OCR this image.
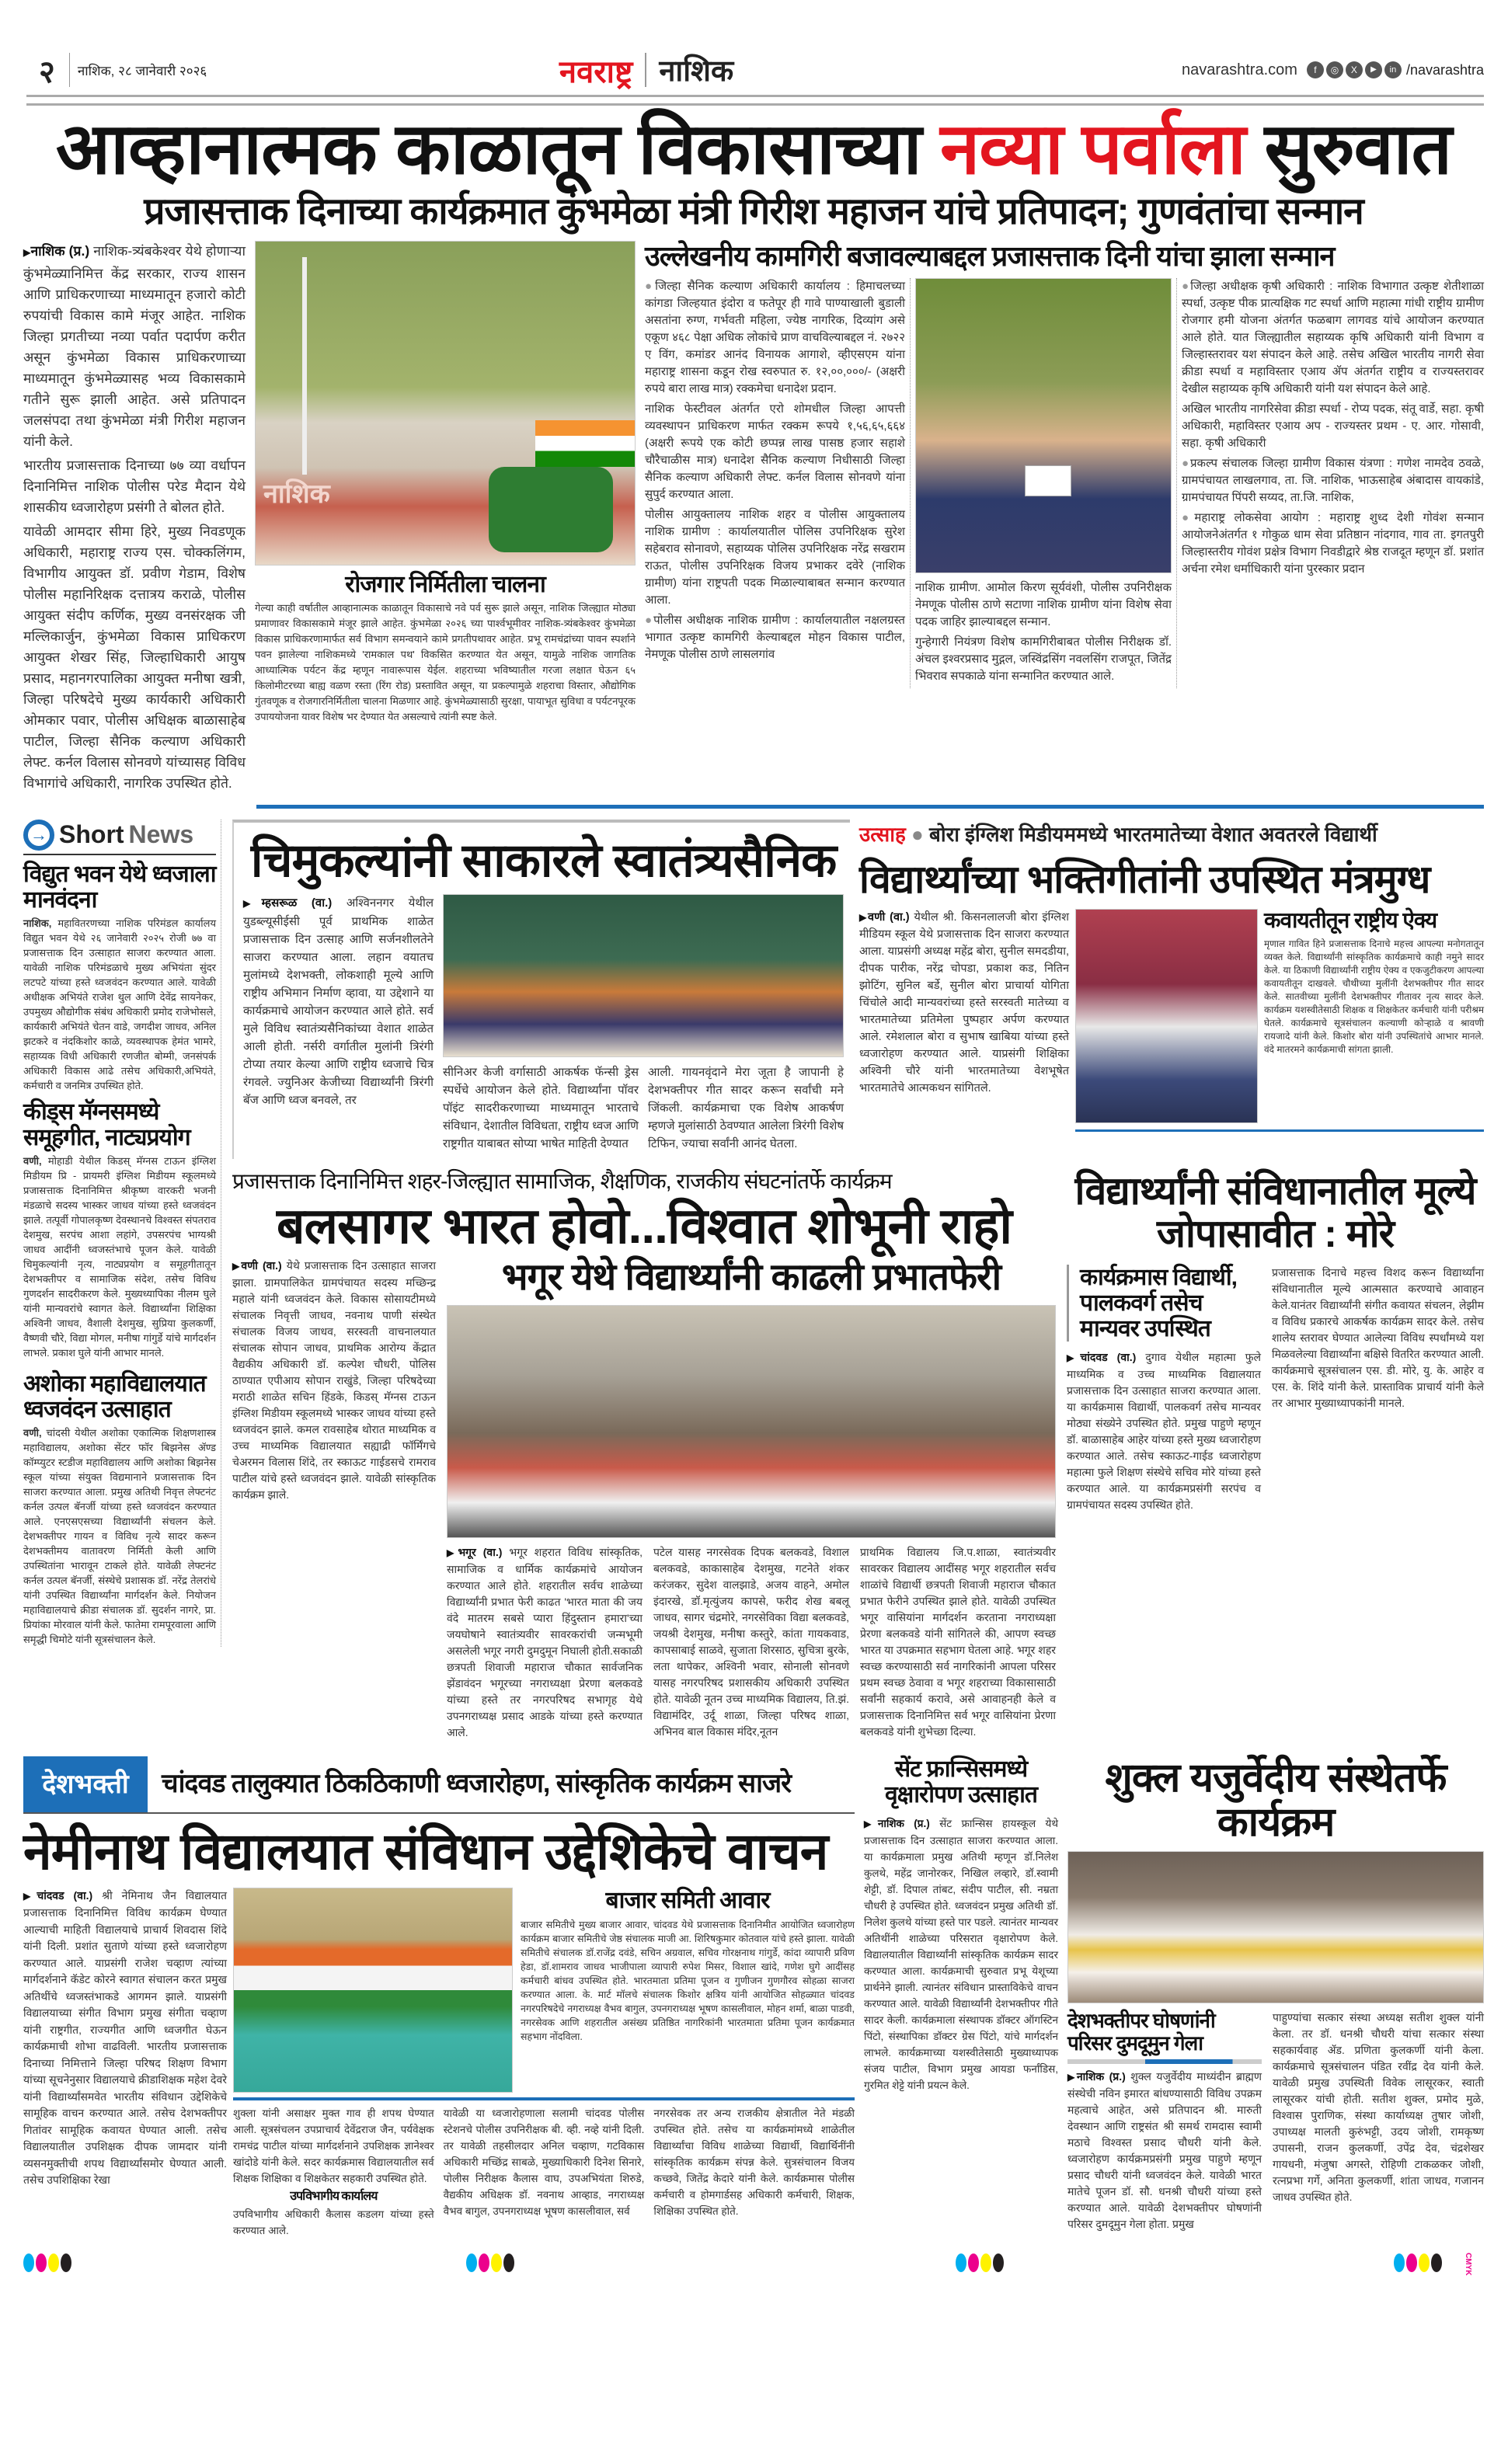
२ नाशिक, २८ जानेवारी २०२६	नवराष्ट्र नाशिक	navarashtra.com	f	◎	X	▶	in /navarashtra
आव्हानात्मक काळातून विकासाच्या नव्या पर्वाला सुरुवात
प्रजासत्ताक दिनाच्या कार्यक्रमात कुंभमेळा मंत्री गिरीश महाजन यांचे प्रतिपादन; गुणवंतांचा सन्मान

▶ नाशिक (प्र.) नाशिक-त्र्यंबकेश्वर येथे होणाऱ्या कुंभमेळ्यानिमित्त केंद्र सरकार, राज्य शासन आणि प्राधिकरणाच्या माध्यमातून हजारो कोटी रुपयांची विकास कामे मंजूर आहेत. नाशिक जिल्हा प्रगतीच्या नव्या पर्वात पदार्पण करीत असून कुंभमेळा विकास प्राधिकरणाच्या माध्यमातून कुंभमेळ्यासह भव्य विकासकामे गतीने सुरू झाली आहेत. असे प्रतिपादन जलसंपदा तथा कुंभमेळा मंत्री गिरीश महाजन यांनी केले.

भारतीय प्रजासत्ताक दिनाच्या ७७ व्या वर्धापन दिनानिमित्त नाशिक पोलीस परेड मैदान येथे शासकीय ध्वजारोहण प्रसंगी ते बोलत होते.

यावेळी आमदार सीमा हिरे, मुख्य निवडणूक अधिकारी, महाराष्ट्र राज्य एस. चोक्कलिंगम, विभागीय आयुक्त डॉ. प्रवीण गेडाम, विशेष पोलीस महानिरिक्षक दत्तात्रय कराळे, पोलीस आयुक्त संदीप कर्णिक, मुख्य वनसंरक्षक जी मल्लिकार्जुन, कुंभमेळा विकास प्राधिकरण आयुक्त शेखर सिंह, जिल्हाधिकारी आयुष प्रसाद, महानगरपालिका आयुक्त मनीषा खत्री, जिल्हा परिषदेचे मुख्य कार्यकारी अधिकारी ओमकार पवार, पोलीस अधिक्षक बाळासाहेब पाटील, जिल्हा सैनिक कल्याण अधिकारी लेफ्ट. कर्नल विलास सोनवणे यांच्यासह विविध विभागांचे अधिकारी, नागरिक उपस्थित होते.

नाशिक
रोजगार निर्मितीला चालना
गेल्या काही वर्षातील आव्हानात्मक काळातून विकासाचे नवे पर्व सुरू झाले असून, नाशिक जिल्ह्यात मोठ्या प्रमाणावर विकासकामे मंजूर झाले आहेत. कुंभमेळा २०२६ च्या पार्श्वभूमीवर नाशिक-त्र्यंबकेश्वर कुंभमेळा विकास प्राधिकरणामार्फत सर्व विभाग समन्वयाने कामे प्रगतीपथावर आहेत. प्रभू रामचंद्रांच्या पावन स्पर्शाने पवन झालेल्या नाशिकमध्ये 'रामकाल पथ' विकसित करण्यात येत असून, यामुळे नाशिक जागतिक आध्यात्मिक पर्यटन केंद्र म्हणून नावारूपास येईल. शहराच्या भविष्यातील गरजा लक्षात घेऊन ६५ किलोमीटरच्या बाह्य वळण रस्ता (रिंग रोड) प्रस्तावित असून, या प्रकल्पामुळे शहराचा विस्तार, औद्योगिक गुंतवणूक व रोजगारनिर्मितीला चालना मिळणार आहे. कुंभमेळ्यासाठी सुरक्षा, पायाभूत सुविधा व पर्यटनपूरक उपाययोजना यावर विशेष भर देण्यात येत असल्याचे त्यांनी स्पष्ट केले.
उल्लेखनीय कामगिरी बजावल्याबद्दल प्रजासत्ताक दिनी यांचा झाला सन्मान

● जिल्हा सैनिक कल्याण अधिकारी कार्यालय : हिमाचलच्या कांगडा जिल्हयात इंदोरा व फतेपूर ही गावे पाण्याखाली बुडाली असतांना रुग्ण, गर्भवती महिला, ज्येष्ठ नागरिक, दिव्यांग असे एकूण ४६८ पेक्षा अधिक लोकांचे प्राण वाचविल्याबद्दल नं. २७२२ ए विंग, कमांडर आनंद विनायक आगाशे, व्हीएसएम यांना महाराष्ट्र शासना कडून रोख स्वरुपात रु. १२,००,०००/- (अक्षरी रुपये बारा लाख मात्र) रक्कमेचा धनादेश प्रदान.

नाशिक फेस्टीवल अंतर्गत एरो शोमधील जिल्हा आपत्ती व्यवस्थापन प्राधिकरण मार्फत रक्कम रूपये १,५६,६५,६६४ (अक्षरी रूपये एक कोटी छप्पन्न लाख पासष्ठ हजार सहाशे चौरैचाळीस मात्र) धनादेश सैनिक कल्याण निधीसाठी जिल्हा सैनिक कल्याण अधिकारी लेफ्ट. कर्नल विलास सोनवणे यांना सुपुर्द करण्यात आला.

पोलीस आयुक्तालय नाशिक शहर व पोलीस आयुक्तालय नाशिक ग्रामीण : कार्यालयातील पोलिस उपनिरिक्षक सुरेश सहेबराव सोनावणे, सहाय्यक पोलिस उपनिरिक्षक नरेंद्र सखराम राऊत, पोलीस उपनिरिक्षक विजय प्रभाकर दवेरे (नाशिक ग्रामीण) यांना राष्ट्रपती पदक मिळाल्याबाबत सन्मान करण्यात आला.

● पोलीस अधीक्षक नाशिक ग्रामीण : कार्यालयातील नक्षलग्रस्त भागात उत्कृष्ट कामगिरी केल्याबद्दल मोहन विकास पाटील, नेमणूक पोलीस ठाणे लासलगांव

नाशिक ग्रामीण. आमोल किरण सूर्यवंशी, पोलीस उपनिरीक्षक नेमणूक पोलीस ठाणे सटाणा नाशिक ग्रामीण यांना विशेष सेवा पदक जाहिर झाल्याबद्दल सन्मान.

गुन्हेगारी नियंत्रण विशेष कामगिरीबाबत पोलीस निरीक्षक डॉ. अंचल इश्वरप्रसाद मुद्गल, जस्विंद्रसिंग नवलसिंग राजपूत, जितेंद्र भिवराव सपकाळे यांना सन्मानित करण्यात आले.

● जिल्हा अधीक्षक कृषी अधिकारी : नाशिक विभागात उत्कृष्ट शेतीशाळा स्पर्धा, उत्कृष्ट पीक प्रात्यक्षिक गट स्पर्धा आणि महात्मा गांधी राष्ट्रीय ग्रामीण रोजगार हमी योजना अंतर्गत फळबाग लागवड यांचे आयोजन करण्यात आले होते. यात जिल्ह्यातील सहाय्यक कृषि अधिकारी यांनी विभाग व जिल्हास्तरावर यश संपादन केले आहे. तसेच अखिल भारतीय नागरी सेवा क्रीडा स्पर्धा व महाविस्तार एआय ॲप अंतर्गत राष्ट्रीय व राज्यस्तरावर देखील सहाय्यक कृषि अधिकारी यांनी यश संपादन केले आहे.

अखिल भारतीय नागरिसेवा क्रीडा स्पर्धा - रोप्य पदक, संतू वार्डे, सहा. कृषी अधिकारी, महाविस्तर एआय अप - राज्यस्तर प्रथम - ए. आर. गोसावी, सहा. कृषी अधिकारी

● प्रकल्प संचालक जिल्हा ग्रामीण विकास यंत्रणा : गणेश नामदेव ठवळे, ग्रामपंचायत लाखलगाव, ता. जि. नाशिक, भाऊसाहेब अंबादास वायकांडे, ग्रामपंचायत पिंपरी सय्यद, ता.जि. नाशिक,

● महाराष्ट्र लोकसेवा आयोग : महाराष्ट्र शुध्द देशी गोवंश सन्मान आयोजनेअंतर्गत १ गोकुळ धाम सेवा प्रतिष्ठान नांदगाव, गाव ता. इगतपुरी जिल्हास्तरीय गोवंश प्रक्षेत्र विभाग निवडीद्वारे श्रेष्ठ राजदूत म्हणून डॉ. प्रशांत अर्चना रमेश धर्माधिकारी यांना पुरस्कार प्रदान

→ Short News
विद्युत भवन येथे ध्वजाला मानवंदना

नाशिक, महावितरणच्या नाशिक परिमंडल कार्यालय विद्युत भवन येथे २६ जानेवारी २०२५ रोजी ७७ वा प्रजासत्ताक दिन उत्साहात साजरा करण्यात आला. यावेळी नाशिक परिमंडळाचे मुख्य अभियंता सुंदर लटपटे यांच्या हस्ते ध्वजवंदन करण्यात आले. यावेळी अधीक्षक अभियंते राजेश थुल आणि देवेंद्र सायनेकर, उपमुख्य औद्योगीक संबंध अधिकारी प्रमोद राजेभोसले, कार्यकारी अभियंते चेतन वाडे, जगदीश जाधव, अनिल झटकरे व नंदकिशोर काळे, व्यवस्थापक हेमंत भामरे, सहाय्यक विधी अधिकारी रणजीत बोम्मी, जनसंपर्क अधिकारी विकास आढे तसेच अधिकारी,अभियंते, कर्मचारी व जनमित्र उपस्थित होते.

कीड्स मॅग्नसमध्ये समूहगीत, नाट्यप्रयोग

वणी, मोहाडी येथील किडस् मॅग्नस टाऊन इंग्लिश मिडीयम प्रि - प्रायमरी इंग्लिश मिडीयम स्कूलमध्ये प्रजासत्ताक दिनानिमित्त श्रीकृष्ण वारकरी भजनी मंडळाचे सदस्य भास्कर जाधव यांच्या हस्ते ध्वजवंदन झाले. तत्पूर्वी गोपालकृष्ण देवस्थानचे विश्वस्त संपतराव देशमुख, सरपंच आशा लहांगे, उपसरपंच भाग्यश्री जाधव आदींनी ध्वजस्तंभाचे पूजन केले. यावेळी चिमुकल्यांनी नृत्य, नाट्यप्रयोग व समूहगीतातून देशभक्तीपर व सामाजिक संदेश, तसेच विविध गुणदर्शन सादरीकरण केले. मुख्यध्यापिका नीलम घुले यांनी मान्यवरांचे स्वागत केले. विद्यार्थ्यांना शिक्षिका अश्विनी जाधव, वैशाली देशमुख, सुप्रिया कुलकर्णी, वैष्णवी चौरे, विद्या मोगल, मनीषा गांगुर्डे यांचे मार्गदर्शन लाभले. प्रकाश घुले यांनी आभार मानले.

अशोका महाविद्यालयात ध्वजवंदन उत्साहात

वणी, चांदसी येथील अशोका एकात्मिक शिक्षणशास्त्र महाविद्यालय, अशोका सेंटर फॉर बिझनेस ॲण्ड कॉम्प्युटर स्टडीज महाविद्यालय आणि अशोका बिझनेस स्कूल यांच्या संयुक्त विद्यमानाने प्रजासत्ताक दिन साजरा करण्यात आला. प्रमुख अतिथी निवृत्त लेफ्टनंट कर्नल उत्पल बॅनर्जी यांच्या हस्ते ध्वजवंदन करण्यात आले. एनएसएसच्या विद्यार्थ्यांनी संचलन केले. देशभक्तीपर गायन व विविध नृत्ये सादर करून देशभक्तीमय वातावरण निर्मिती केली आणि उपस्थितांना भारावून टाकले होते. यावेळी लेफ्टनंट कर्नल उत्पल बॅनर्जी, संस्थेचे प्रशासक डॉ. नरेंद्र तेलरांधे यांनी उपस्थित विद्यार्थ्यांना मार्गदर्शन केले. नियोजन महाविद्यालयाचे क्रीडा संचालक डॉ. सुदर्शन नागरे, प्रा. प्रियांका मोरवाल यांनी केले. फातेमा रामपूरवाला आणि समृद्धी चिमोटे यांनी सूत्रसंचालन केले.

चिमुकल्यांनी साकारले स्वातंत्र्यसैनिक
▶ म्हसरूळ (वा.) अश्विननगर येथील युडब्ल्यूसीईसी पूर्व प्राथमिक शाळेत प्रजासत्ताक दिन उत्साह आणि सर्जनशीलतेने साजरा करण्यात आला. लहान वयातच मुलांमध्ये देशभक्ती, लोकशाही मूल्ये आणि राष्ट्रीय अभिमान निर्माण व्हावा, या उद्देशाने या कार्यक्रमाचे आयोजन करण्यात आले होते. सर्व मुले विविध स्वातंत्र्यसैनिकांच्या वेशात शाळेत आली होती. नर्सरी वर्गातील मुलांनी त्रिरंगी टोप्या तयार केल्या आणि राष्ट्रीय ध्वजाचे चित्र रंगवले. ज्युनिअर केजीच्या विद्यार्थ्यांनी त्रिरंगी बॅज आणि ध्वज बनवले, तर
सीनिअर केजी वर्गासाठी आकर्षक फॅन्सी ड्रेस स्पर्धेचे आयोजन केले होते. विद्यार्थ्यांना पॉवर पॉइंट सादरीकरणाच्या माध्यमातून भारताचे संविधान, देशातील विविधता, राष्ट्रीय ध्वज आणि राष्ट्रगीत याबाबत सोप्या भाषेत माहिती देण्यात
आली. गायनवृंदाने मेरा जूता है जापानी हे देशभक्तीपर गीत सादर करून सर्वांची मने जिंकली. कार्यक्रमाचा एक विशेष आकर्षण म्हणजे मुलांसाठी ठेवण्यात आलेला त्रिरंगी विशेष टिफिन, ज्याचा सर्वांनी आनंद घेतला.
उत्साह ● बोरा इंग्लिश मिडीयममध्ये भारतमातेच्या वेशात अवतरले विद्यार्थी
विद्यार्थ्यांच्या भक्तिगीतांनी उपस्थित मंत्रमुग्ध
▶ वणी (वा.) येथील श्री. किसनलालजी बोरा इंग्लिश मीडियम स्कूल येथे प्रजासत्ताक दिन साजरा करण्यात आला. याप्रसंगी अध्यक्ष महेंद्र बोरा, सुनील समदडीया, दीपक पारीक, नरेंद्र चोपडा, प्रकाश कड, नितिन झोटिंग, सुनिल बर्डे, सुनील बोरा प्राचार्या योगिता चिंचोले आदी मान्यवरांच्या हस्ते सरस्वती मातेच्या व भारतमातेच्या प्रतिमेला पुष्पहार अर्पण करण्यात आले. रमेशलाल बोरा व सुभाष खाबिया यांच्या हस्ते ध्वजारोहण करण्यात आले. याप्रसंगी शिक्षिका अश्विनी चौरे यांनी भारतमातेच्या वेशभूषेत भारतमातेचे आत्मकथन सांगितले.
कवायतीतून राष्ट्रीय ऐक्य
मृणाल गावित हिने प्रजासत्ताक दिनाचे महत्त्व आपल्या मनोगतातून व्यक्त केले. विद्यार्थ्यांनी सांस्कृतिक कार्यक्रमाचे काही नमुने सादर केले. या ठिकाणी विद्यार्थ्यांनी राष्ट्रीय ऐक्य व एकजुटीकरण आपल्या कवायतीतून दाखवले. चौथीच्या मुलींनी देशभक्तीपर गीत सादर केले. सातवीच्या मुलींनी देशभक्तीपर गीतावर नृत्य सादर केले. कार्यक्रम यशस्वीतेसाठी शिक्षक व शिक्षकेतर कर्मचारी यांनी परीश्रम घेतले. कार्यक्रमाचे सूत्रसंचालन कल्याणी कोऱ्हाळे व श्रावणी रायजादे यांनी केले. किशोर बोरा यांनी उपस्थितांचे आभार मानले. वंदे मातरमने कार्यक्रमाची सांगता झाली.
प्रजासत्ताक दिनानिमित्त शहर-जिल्ह्यात सामाजिक, शैक्षणिक, राजकीय संघटनांतर्फे कार्यक्रम
बलसागर भारत होवो...विश्वात शोभूनी राहो
▶ वणी (वा.) येथे प्रजासत्ताक दिन उत्साहात साजरा झाला. ग्रामपालिकेत ग्रामपंचायत सदस्य मच्छिन्द्र महाले यांनी ध्वजवंदन केले. विकास सोसायटीमध्ये संचालक निवृत्ती जाधव, नवनाथ पाणी संस्थेत संचालक विजय जाधव, सरस्वती वाचनालयात संचालक सोपान जाधव, प्राथमिक आरोग्य केंद्रात वैद्यकीय अधिकारी डॉ. कल्पेश चौधरी, पोलिस ठाण्यात एपीआय सोपान राखुंडे, जिल्हा परिषदेच्या मराठी शाळेत सचिन हिंडके, किडस् मॅग्नस टाऊन इंग्लिश मिडीयम स्कूलमध्ये भास्कर जाधव यांच्या हस्ते ध्वजवंदन झाले. कमल रावसाहेब थोरात माध्यमिक व उच्च माध्यमिक विद्यालयात सह्याद्री फॉर्मिंगचे चेअरमन विलास शिंदे, तर स्काऊट गाईडसचे रामराव पाटील यांचे हस्ते ध्वजवंदन झाले. यावेळी सांस्कृतिक कार्यक्रम झाले.
भगूर येथे विद्यार्थ्यांनी काढली प्रभातफेरी
▶ भगूर (वा.) भगूर शहरात विविध सांस्कृतिक, सामाजिक व धार्मिक कार्यक्रमांचे आयोजन करण्यात आले होते. शहरातील सर्वच शाळेच्या विद्यार्थ्यांनी प्रभात फेरी काढत 'भारत माता की जय वंदे मातरम सबसे प्यारा हिंदुस्तान हमारा'च्या जयघोषाने स्वातंत्र्यवीर सावरकरांची जन्मभूमी असलेली भगूर नगरी दुमदुमून निघाली होती.सकाळी छत्रपती शिवाजी महाराज चौकात सार्वजनिक झेंडावंदन भगूरच्या नगराध्यक्षा प्रेरणा बलकवडे यांच्या हस्ते तर नगरपरिषद सभागृह येथे उपनगराध्यक्ष प्रसाद आडके यांच्या हस्ते करण्यात आले.
पटेल यासह नगरसेवक दिपक बलकवडे, विशाल बलकवडे, काकासाहेब देशमुख, गटनेते शंकर करंजकर, सुदेश वालझाडे, अजय वाहने, अमोल इंदारखे, डॉ.मृत्युंजय कापसे, फरीद शेख बबलू जाधव, सागर चंद्रमोरे, नगरसेविका विद्या बलकवडे, जयश्री देशमुख, मनीषा कस्तुरे, कांता गायकवाड, कापसाबाई साळवे, सुजाता शिरसाठ, सुचित्रा बुरके, लता थापेकर, अश्विनी भवार, सोनाली सोनवणे यासह नगरपरिषद प्रशासकीय अधिकारी उपस्थित होते. यावेळी नूतन उच्च माध्यमिक विद्यालय, ति.झं. विद्यामंदिर, उर्दू शाळा, जिल्हा परिषद शाळा, अभिनव बाल विकास मंदिर,नूतन
प्राथमिक विद्यालय जि.प.शाळा, स्वातंत्र्यवीर सावरकर विद्यालय आदींसह भगूर शहरातील सर्वच शाळांचे विद्यार्थी छत्रपती शिवाजी महाराज चौकात प्रभात फेरीने उपस्थित झाले होते. यावेळी उपस्थित भगूर वासियांना मार्गदर्शन करताना नगराध्यक्षा प्रेरणा बलकवडे यांनी सांगितले की, आपण स्वच्छ भारत या उपक्रमात सहभाग घेतला आहे. भगूर शहर स्वच्छ करण्यासाठी सर्व नागरिकांनी आपला परिसर प्रथम स्वच्छ ठेवावा व भगूर शहराच्या विकासासाठी सर्वांनी सहकार्य करावे, असे आवाहनही केले व प्रजासत्ताक दिनानिमित्त सर्व भगूर वासियांना प्रेरणा बलकवडे यांनी शुभेच्छा दिल्या.
विद्यार्थ्यांनी संविधानातील मूल्ये जोपासावीत : मोरे
कार्यक्रमास विद्यार्थी, पालकवर्ग तसेच मान्यवर उपस्थित
▶ चांदवड (वा.) दुगाव येथील महात्मा फुले माध्यमिक व उच्च माध्यमिक विद्यालयात प्रजासत्ताक दिन उत्साहात साजरा करण्यात आला. या कार्यक्रमास विद्यार्थी, पालकवर्ग तसेच मान्यवर मोठ्या संख्येने उपस्थित होते. प्रमुख पाहुणे म्हणून डॉ. बाळासाहेब आहेर यांच्या हस्ते मुख्य ध्वजारोहण करण्यात आले. तसेच स्काऊट-गाईड ध्वजारोहण महात्मा फुले शिक्षण संस्थेचे सचिव मोरे यांच्या हस्ते करण्यात आले. या कार्यक्रमप्रसंगी सरपंच व ग्रामपंचायत सदस्य उपस्थित होते.
प्रजासत्ताक दिनाचे महत्त्व विशद करून विद्यार्थ्यांना संविधानातील मूल्ये आत्मसात करण्याचे आवाहन केले.यानंतर विद्यार्थ्यांनी संगीत कवायत संचलन, लेझीम व विविध प्रकारचे आकर्षक कार्यक्रम सादर केले. तसेच शालेय स्तरावर घेण्यात आलेल्या विविध स्पर्धांमध्ये यश मिळवलेल्या विद्यार्थ्यांना बक्षिसे वितरित करण्यात आली. कार्यक्रमाचे सूत्रसंचालन एस. डी. मोरे, यु. के. आहेर व एस. के. शिंदे यांनी केले. प्रास्ताविक प्राचार्य यांनी केले तर आभार मुख्याध्यापकांनी मानले.
देशभक्ती	चांदवड तालुक्यात ठिकठिकाणी ध्वजारोहण, सांस्कृतिक कार्यक्रम साजरे
नेमीनाथ विद्यालयात संविधान उद्देशिकेचे वाचन
▶ चांदवड (वा.) श्री नेमिनाथ जैन विद्यालयात प्रजासत्ताक दिनानिमित्त विविध कार्यक्रम घेण्यात आल्याची माहिती विद्यालयाचे प्राचार्य शिवदास शिंदे यांनी दिली. प्रशांत सुताणे यांच्या हस्ते ध्वजारोहण करण्यात आले. याप्रसंगी राजेश चव्हाण त्यांच्या मार्गदर्शनाने कॅडेट कोरने स्वागत संचालन करत प्रमुख अतिथींचे ध्वजस्तंभाकडे आगमन झाले. याप्रसंगी विद्यालयाच्या संगीत विभाग प्रमुख संगीता चव्हाण यांनी राष्ट्रगीत, राज्यगीत आणि ध्वजगीत घेऊन कार्यक्रमाची शोभा वाढविली. भारतीय प्रजासत्ताक दिनाच्या निमित्ताने जिल्हा परिषद शिक्षण विभाग यांच्या सूचनेनुसार विद्यालयाचे क्रीडाशिक्षक महेश देवरे यांनी विद्यार्थ्यांसमवेत भारतीय संविधान उद्देशिकेचे सामूहिक वाचन करण्यात आले. तसेच देशभक्तीपर गितांवर सामूहिक कवायत घेण्यात आली. तसेच विद्यालयातील उपशिक्षक दीपक जामदार यांनी व्यसनमुक्तीची शपथ विद्यार्थ्यांसमोर घेण्यात आली. तसेच उपशिक्षिका रेखा
बाजार समिती आवार
बाजार समितीचे मुख्य बाजार आवार, चांदवड येथे प्रजासत्ताक दिनानिमीत आयोजित ध्वजारोहण कार्यक्रम बाजार समितीचे जेष्ठ संचालक माजी आ. शिरिषकुमार कोतवाल यांचे हस्ते झाला. यावेळी समितीचे संचालक डॉ.राजेंद्र दवंडे, सचिन अग्रवाल, सचिव गोरक्षनाथ गांगुर्डे, कांदा व्यापारी प्रविण हेडा, डॉ.शामराव जाधव भाजीपाला व्यापारी रुपेश मिसर, विशाल खांदे, गणेश घुगे आदींसह कर्मचारी बांधव उपस्थित होते. भारतमाता प्रतिमा पूजन व गुणीजन गुणगौरव सोहळा साजरा करण्यात आला. के. मार्ट मॉलचे संचालक किशोर क्षत्रिय यांनी आयोजित सोहळ्यात चांदवड नगरपरिषदेचे नगराध्यक्ष वैभव बागुल, उपनगराध्यक्ष भूषण कासलीवाल, मोहन शर्मा, बाळा पाडवी, नगरसेवक आणि शहरातील असंख्य प्रतिष्ठित नागरिकांनी भारतमाता प्रतिमा पूजन कार्यक्रमात सहभाग नोंदविला.

शुक्ला यांनी असाक्षर मुक्त गाव ही शपथ घेण्यात आली. सूत्रसंचलन उपप्राचार्य देवेंद्रराज जैन, पर्यवेक्षक रामचंद्र पाटील यांच्या मार्गदर्शनाने उपशिक्षक ज्ञानेश्वर खांदोडे यांनी केले. सदर कार्यक्रमास विद्यालयातील सर्व शिक्षक शिक्षिका व शिक्षकेतर सहकारी उपस्थित होते.

उपविभागीय कार्यालय

उपविभागीय अधिकारी कैलास कडलग यांच्या हस्ते करण्यात आले.

यावेळी या ध्वजारोहणाला सलामी चांदवड पोलीस स्टेशनचे पोलीस उपनिरीक्षक बी. व्ही. नव्हे यांनी दिली. तर यावेळी तहसीलदार अनिल चव्हाण, गटविकास अधिकारी मच्छिंद्र साबळे, मुख्याधिकारी दिनेश सिनारे, पोलीस निरीक्षक कैलास वाघ, उपअभियंता शिरुडे, वैद्यकीय अधिक्षक डॉ. नवनाथ आव्हाड, नगराध्यक्ष वैभव बागुल, उपनगराध्यक्ष भूषण कासलीवाल, सर्व
नगरसेवक तर अन्य राजकीय क्षेत्रातील नेते मंडळी उपस्थित होते. तसेच या कार्यक्रमांमध्ये शाळेतील विद्यार्थ्यांचा विविध शाळेच्या विद्यार्थी, विद्यार्थिनींनी सांस्कृतिक कार्यक्रम संपन्न केले. सुत्रसंचालन विजय कच्छवे, जितेंद्र केदारे यांनी केले. कार्यक्रमास पोलीस कर्मचारी व होमगार्डसह अधिकारी कर्मचारी, शिक्षक, शिक्षिका उपस्थित होते.
सेंट फ्रान्सिसमध्ये वृक्षारोपण उत्साहात
▶ नाशिक (प्र.) सेंट फ्रान्सिस हायस्कूल येथे प्रजासत्ताक दिन उत्साहात साजरा करण्यात आला. या कार्यक्रमाला प्रमुख अतिथी म्हणून डॉ.निलेश कुलथे, महेंद्र जानोरकर, निखिल लव्हारे, डॉ.स्वामी शेट्टी, डॉ. दिपाल तांबट, संदीप पाटील, सी. नम्रता चौधरी हे उपस्थित होते. ध्वजवंदन प्रमुख अतिथी डॉ. निलेश कुलथे यांच्या हस्ते पार पडले. त्यानंतर मान्यवर अतिथींनी शाळेच्या परिसरात वृक्षारोपण केले. विद्यालयातील विद्यार्थ्यांनी सांस्कृतिक कार्यक्रम सादर करण्यात आला. कार्यक्रमाची सुरुवात प्रभू येशूच्या प्रार्थनेने झाली. त्यानंतर संविधान प्रास्ताविकेचे वाचन करण्यात आले. यावेळी विद्यार्थ्यांनी देशभक्तीपर गीते सादर केली. कार्यक्रमाला संस्थापक डॉक्टर ऑगस्टिन पिंटो, संस्थापिका डॉक्टर ग्रेस पिंटो, यांचे मार्गदर्शन लाभले. कार्यक्रमाच्या यशस्वीतेसाठी मुख्याध्यापक संजय पाटील, विभाग प्रमुख आयडा फर्नांडिस, गुरमित शेट्टे यांनी प्रयत्न केले.
शुक्ल यजुर्वेदीय संस्थेतर्फे कार्यक्रम
देशभक्तीपर घोषणांनी परिसर दुमदूमुन गेला
▶ नाशिक (प्र.) शुक्ल यजुर्वेदीय माध्यंदीन ब्राह्मण संस्थेची नविन इमारत बांधण्यासाठी विविध उपक्रम महत्वाचे आहेत, असे प्रतिपादन श्री. मारुती देवस्थान आणि राष्ट्रसंत श्री समर्थ रामदास स्वामी मठाचे विश्वस्त प्रसाद चौधरी यांनी केले. ध्वजारोहण कार्यक्रमप्रसंगी प्रमुख पाहुणे म्हणून प्रसाद चौधरी यांनी ध्वजवंदन केले. यावेळी भारत मातेचे पूजन डॉ. सौ. धनश्री चौधरी यांच्या हस्ते करण्यात आले. यावेळी देशभक्तीपर घोषणांनी परिसर दुमदूमुन गेला होता. प्रमुख
पाहुण्यांचा सत्कार संस्था अध्यक्ष सतीश शुक्ल यांनी केला. तर डॉ. धनश्री चौधरी यांचा सत्कार संस्था सहकार्यवाह ॲड. प्रणिता कुलकर्णी यांनी केला. कार्यक्रमाचे सूत्रसंचालन पंडित रवींद्र देव यांनी केले. यावेळी प्रमुख उपस्थिती विवेक लासूरकर, स्वाती लासूरकर यांची होती. सतीश शुक्ल, प्रमोद मुळे, विश्वास पुराणिक, संस्था कार्याध्यक्ष तुषार जोशी, उपाध्यक्ष मालती कुरुंभट्टी, उदय जोशी, रामकृष्ण उपासनी, राजन कुलकर्णी, उपेंद्र देव, चंद्रशेखर गायधनी, मंजुषा अगस्ते, रोहिणी टाकळकर जोशी, रत्नप्रभा गर्गे, अनिता कुलकर्णी, शांता जाधव, गजानन जाधव उपस्थित होते.
CMYK
